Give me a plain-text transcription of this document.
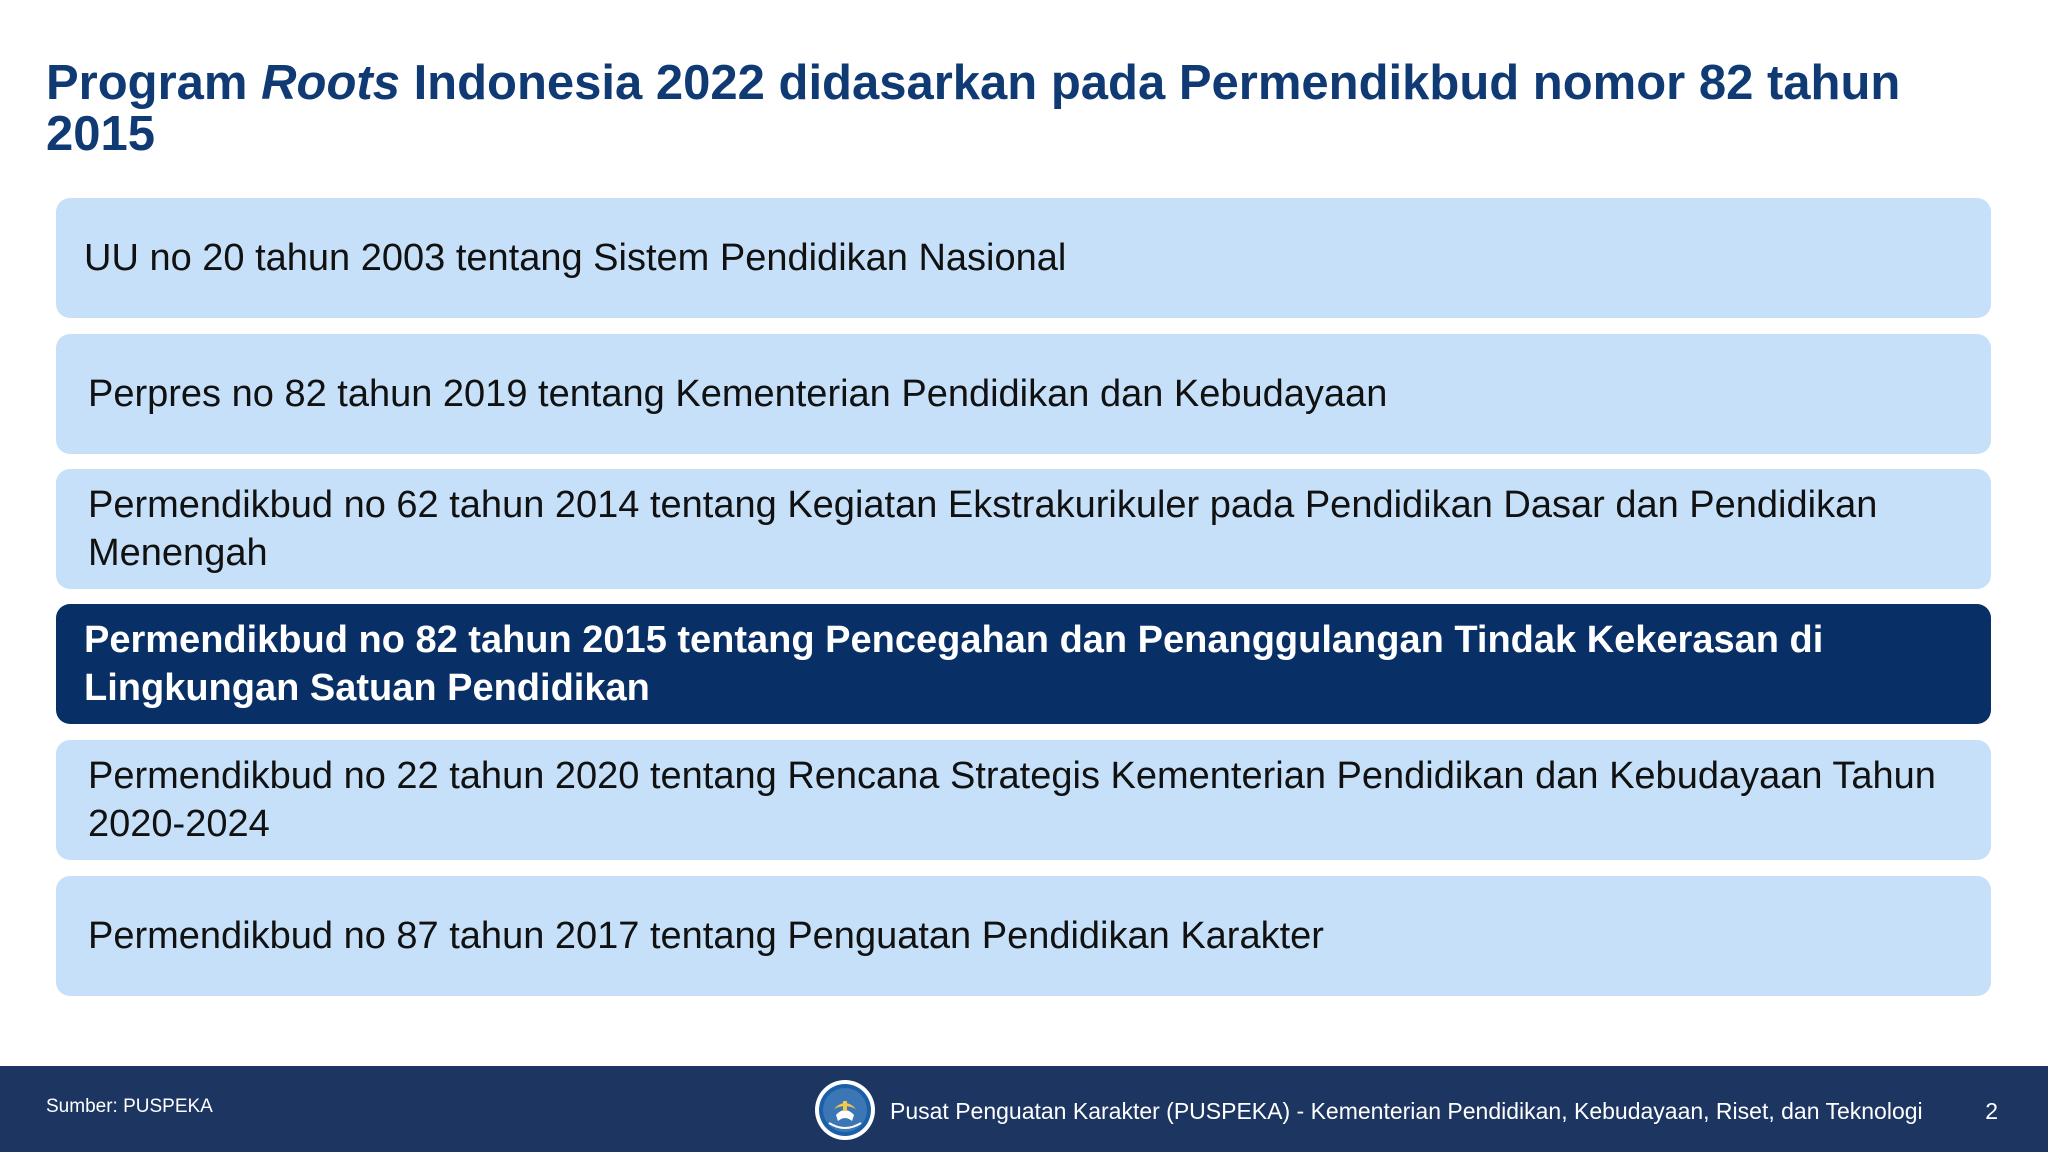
Program Roots Indonesia 2022 didasarkan pada Permendikbud nomor 82 tahun 2015
UU no 20 tahun 2003 tentang Sistem Pendidikan Nasional
Perpres no 82 tahun 2019 tentang Kementerian Pendidikan dan Kebudayaan
Permendikbud no 62 tahun 2014 tentang Kegiatan Ekstrakurikuler pada Pendidikan Dasar dan Pendidikan Menengah
Permendikbud no 82 tahun 2015 tentang Pencegahan dan Penanggulangan Tindak Kekerasan di  Lingkungan Satuan Pendidikan
Permendikbud no 22 tahun 2020 tentang Rencana Strategis Kementerian Pendidikan dan Kebudayaan Tahun 2020-2024
Permendikbud no 87 tahun 2017 tentang Penguatan Pendidikan Karakter
Sumber: PUSPEKA	Pusat Penguatan Karakter (PUSPEKA) - Kementerian Pendidikan, Kebudayaan, Riset, dan Teknologi	2
